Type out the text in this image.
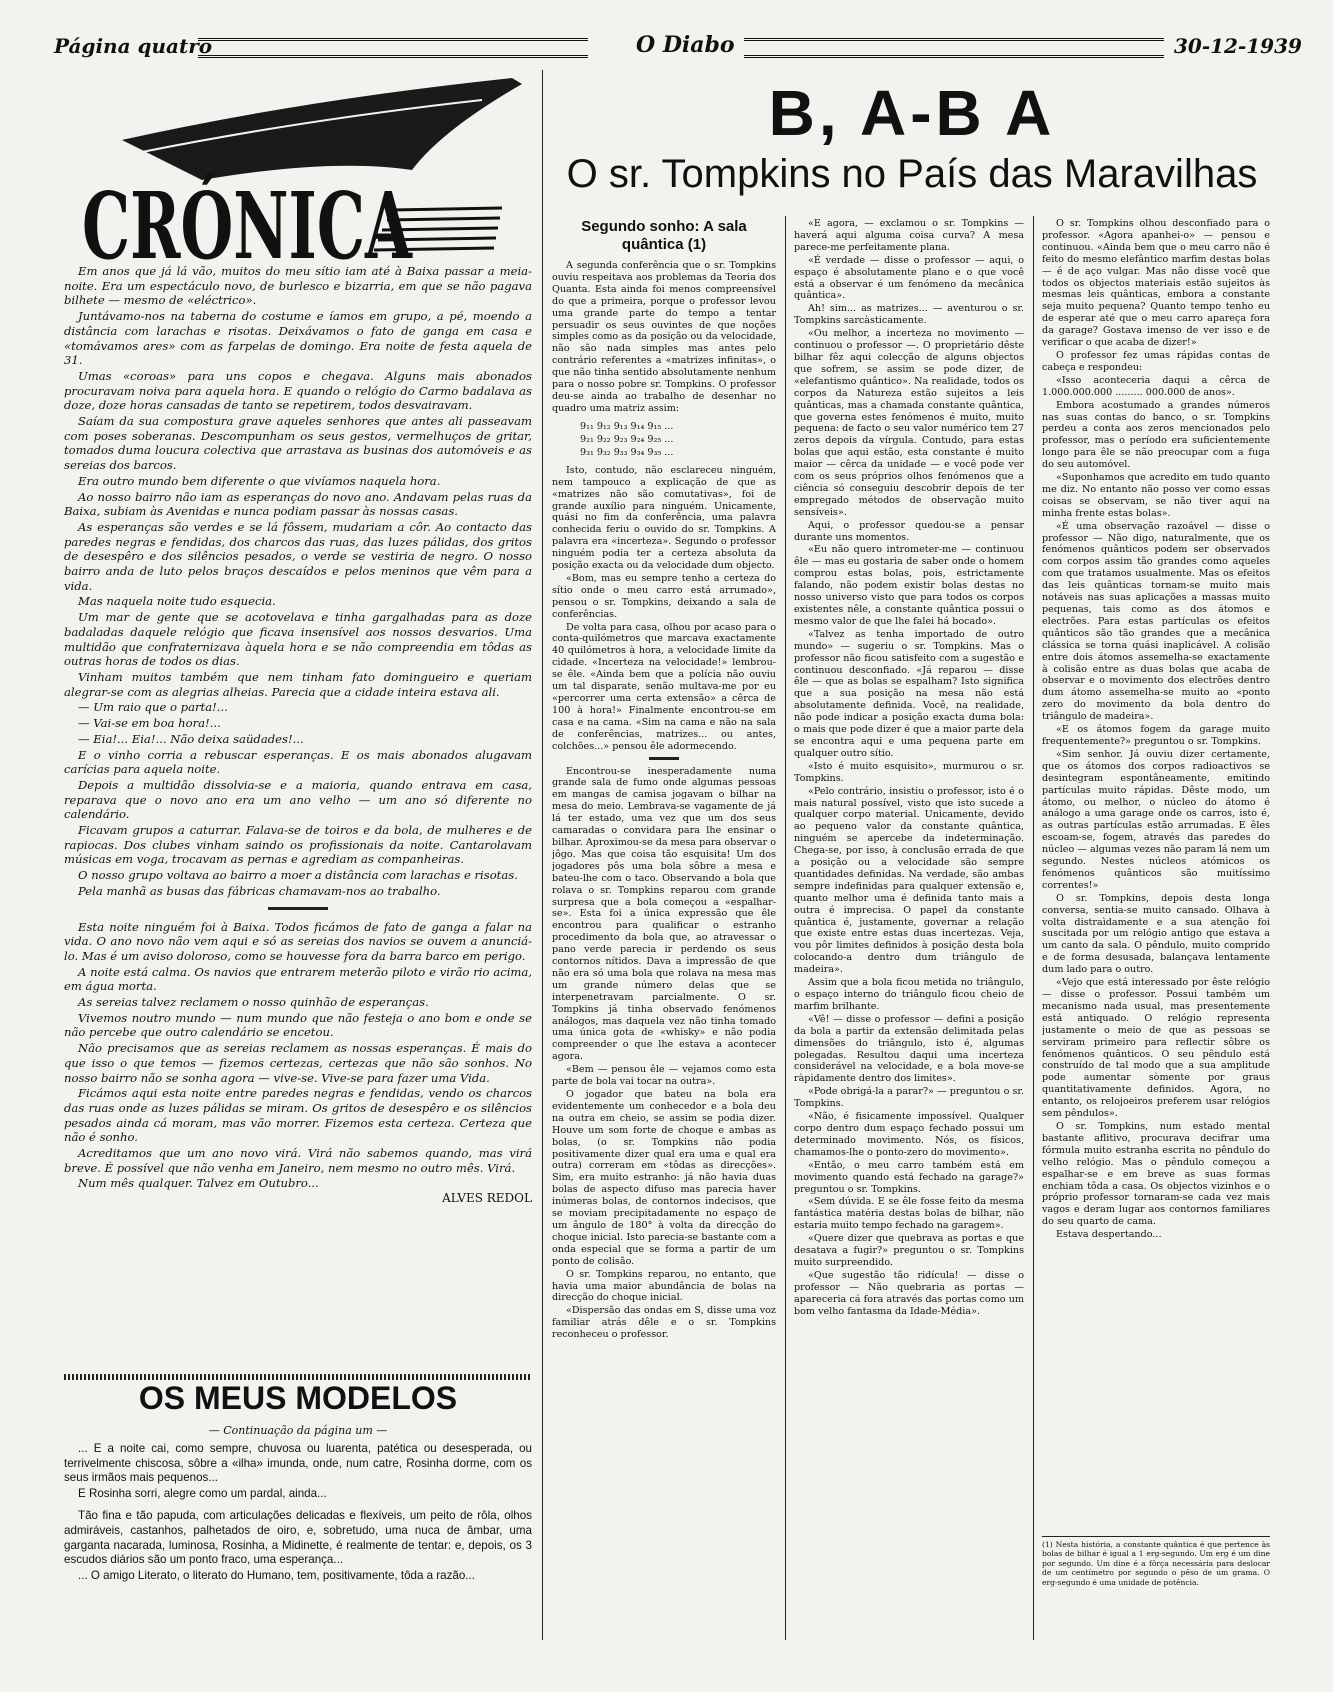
Página quatro	O Diabo	30-12-1939
CRÓNICA

Em anos que já lá vão, muitos do meu sítio iam até à Baixa passar a meia-noite. Era um espectáculo novo, de burlesco e bizarria, em que se não pagava bilhete — mesmo de «eléctrico».

Juntávamo-nos na taberna do costume e íamos em grupo, a pé, moendo a distância com larachas e risotas. Deixávamos o fato de ganga em casa e «tomávamos ares» com as farpelas de domingo. Era noite de festa aquela de 31.

Umas «coroas» para uns copos e chegava. Alguns mais abonados procuravam noiva para aquela hora. E quando o relógio do Carmo badalava as doze, doze horas cansadas de tanto se repetirem, todos desvairavam.

Saíam da sua compostura grave aqueles senhores que antes ali passeavam com poses soberanas. Descompunham os seus gestos, vermelhuços de gritar, tomados duma loucura colectiva que arrastava as businas dos automóveis e as sereias dos barcos.

Era outro mundo bem diferente o que vivíamos naquela hora.

Ao nosso bairro não iam as esperanças do novo ano. Andavam pelas ruas da Baixa, subiam às Avenidas e nunca podiam passar às nossas casas.

As esperanças são verdes e se lá fôssem, mudariam a côr. Ao contacto das paredes negras e fendidas, dos charcos das ruas, das luzes pálidas, dos gritos de desespêro e dos silêncios pesados, o verde se vestiria de negro. O nosso bairro anda de luto pelos braços descaídos e pelos meninos que vêm para a vida.

Mas naquela noite tudo esquecia.

Um mar de gente que se acotovelava e tinha gargalhadas para as doze badaladas daquele relógio que ficava insensível aos nossos desvarios. Uma multidão que confraternizava àquela hora e se não compreendia em tôdas as outras horas de todos os dias.

Vinham muitos também que nem tinham fato domingueiro e queriam alegrar-se com as alegrias alheias. Parecia que a cidade inteira estava ali.

— Um raio que o parta!...

— Vai-se em boa hora!...

— Eia!... Eia!... Não deixa saüdades!...

E o vinho corria a rebuscar esperanças. E os mais abonados alugavam carícias para aquela noite.

Depois a multidão dissolvia-se e a maioria, quando entrava em casa, reparava que o novo ano era um ano velho — um ano só diferente no calendário.

Ficavam grupos a caturrar. Falava-se de toiros e da bola, de mulheres e de rapiocas. Dos clubes vinham saindo os profissionais da noite. Cantarolavam músicas em voga, trocavam as pernas e agrediam as companheiras.

O nosso grupo voltava ao bairro a moer a distância com larachas e risotas.

Pela manhã as busas das fábricas chamavam-nos ao trabalho.

Esta noite ninguém foi à Baixa. Todos ficámos de fato de ganga a falar na vida. O ano novo não vem aqui e só as sereias dos navios se ouvem a anunciá-lo. Mas é um aviso doloroso, como se houvesse fora da barra barco em perigo.

A noite está calma. Os navios que entrarem meterão piloto e virão rio acima, em água morta.

As sereias talvez reclamem o nosso quinhão de esperanças.

Vivemos noutro mundo — num mundo que não festeja o ano bom e onde se não percebe que outro calendário se encetou.

Não precisamos que as sereias reclamem as nossas esperanças. É mais do que isso o que temos — fizemos certezas, certezas que não são sonhos. No nosso bairro não se sonha agora — vive-se. Vive-se para fazer uma Vida.

Ficámos aqui esta noite entre paredes negras e fendidas, vendo os charcos das ruas onde as luzes pálidas se miram. Os gritos de desespêro e os silêncios pesados ainda cá moram, mas vão morrer. Fizemos esta certeza. Certeza que não é sonho.

Acreditamos que um ano novo virá. Virá não sabemos quando, mas virá breve. É possível que não venha em Janeiro, nem mesmo no outro mês. Virá.

Num mês qualquer. Talvez em Outubro...

ALVES REDOL
OS MEUS MODELOS
— Continuação da página um —

... E a noite cai, como sempre, chuvosa ou luarenta, patética ou desesperada, ou terrivelmente chiscosa, sôbre a «ilha» imunda, onde, num catre, Rosinha dorme, com os seus irmãos mais pequenos...

E Rosinha sorri, alegre como um pardal, ainda...

Tão fina e tão papuda, com articulações delicadas e flexíveis, um peito de rôla, olhos admiráveis, castanhos, palhetados de oiro, e, sobretudo, uma nuca de âmbar, uma garganta nacarada, luminosa, Rosinha, a Midinette, é realmente de tentar: e, depois, os 3 escudos diários são um ponto fraco, uma esperança...

... O amigo Literato, o literato do Humano, tem, positivamente, tôda a razão...

B, A-B A
O sr. Tompkins no País das Maravilhas
Segundo sonho: A sala quântica (1)

A segunda conferência que o sr. Tompkins ouviu respeitava aos problemas da Teoria dos Quanta. Esta ainda foi menos compreensível do que a primeira, porque o professor levou uma grande parte do tempo a tentar persuadir os seus ouvintes de que noções simples como as da posição ou da velocidade, não são nada simples mas antes pelo contrário referentes a «matrizes infinitas», o que não tinha sentido absolutamente nenhum para o nosso pobre sr. Tompkins. O professor deu-se ainda ao trabalho de desenhar no quadro uma matriz assim:

9₁₁ 9₁₂ 9₁₃ 9₁₄ 9₁₅ ...
9₂₁ 9₂₂ 9₂₃ 9₂₄ 9₂₅ ...
9₃₁ 9₃₂ 9₃₃ 9₃₄ 9₃₅ ...

Isto, contudo, não esclareceu ninguém, nem tampouco a explicação de que as «matrizes não são comutativas», foi de grande auxílio para ninguém. Unicamente, quási no fim da conferência, uma palavra conhecida feriu o ouvido do sr. Tompkins. A palavra era «incerteza». Segundo o professor ninguém podia ter a certeza absoluta da posição exacta ou da velocidade dum objecto.

«Bom, mas eu sempre tenho a certeza do sítio onde o meu carro está arrumado», pensou o sr. Tompkins, deixando a sala de conferências.

De volta para casa, olhou por acaso para o conta-quilómetros que marcava exactamente 40 quilómetros à hora, a velocidade limite da cidade. «Incerteza na velocidade!» lembrou-se êle. «Ainda bem que a polícia não ouviu um tal disparate, senão multava-me por eu «percorrer uma certa extensão» a cêrca de 100 à hora!» Finalmente encontrou-se em casa e na cama. «Sim na cama e não na sala de conferências, matrizes... ou antes, colchões...» pensou êle adormecendo.

Encontrou-se inesperadamente numa grande sala de fumo onde algumas pessoas em mangas de camisa jogavam o bilhar na mesa do meio. Lembrava-se vagamente de já lá ter estado, uma vez que um dos seus camaradas o convidara para lhe ensinar o bilhar. Aproximou-se da mesa para observar o jôgo. Mas que coisa tão esquisita! Um dos jogadores pôs uma bola sôbre a mesa e bateu-lhe com o taco. Observando a bola que rolava o sr. Tompkins reparou com grande surpresa que a bola começou a «espalhar-se». Esta foi a única expressão que êle encontrou para qualificar o estranho procedimento da bola que, ao atravessar o pano verde parecia ir perdendo os seus contornos nítidos. Dava a impressão de que não era só uma bola que rolava na mesa mas um grande número delas que se interpenetravam parcialmente. O sr. Tompkins já tinha observado fenómenos análogos, mas daquela vez não tinha tomado uma única gota de «whisky» e não podia compreender o que lhe estava a acontecer agora.

«Bem — pensou êle — vejamos como esta parte de bola vai tocar na outra».

O jogador que bateu na bola era evidentemente um conhecedor e a bola deu na outra em cheio, se assim se podia dizer. Houve um som forte de choque e ambas as bolas, (o sr. Tompkins não podia positivamente dizer qual era uma e qual era outra) correram em «tôdas as direcções». Sim, era muito estranho: já não havia duas bolas de aspecto difuso mas parecia haver inúmeras bolas, de contornos indecisos, que se moviam precipitadamente no espaço de um ângulo de 180° à volta da direcção do choque inicial. Isto parecia-se bastante com a onda especial que se forma a partir de um ponto de colisão.

O sr. Tompkins reparou, no entanto, que havia uma maior abundância de bolas na direcção do choque inicial.

«Dispersão das ondas em S, disse uma voz familiar atrás dêle e o sr. Tompkins reconheceu o professor.

«E agora, — exclamou o sr. Tompkins — haverá aqui alguma coisa curva? A mesa parece-me perfeitamente plana.

«É verdade — disse o professor — aqui, o espaço é absolutamente plano e o que você está a observar é um fenómeno da mecânica quântica».

Ah! sim... as matrizes... — aventurou o sr. Tompkins sarcàsticamente.

«Ou melhor, a incerteza no movimento — continuou o professor —. O proprietário dêste bilhar fêz aqui colecção de alguns objectos que sofrem, se assim se pode dizer, de «elefantismo quântico». Na realidade, todos os corpos da Natureza estão sujeitos a leis quânticas, mas a chamada constante quântica, que governa estes fenómenos é muito, muito pequena: de facto o seu valor numérico tem 27 zeros depois da vírgula. Contudo, para estas bolas que aqui estão, esta constante é muito maior — cêrca da unidade — e você pode ver com os seus próprios olhos fenómenos que a ciência só conseguiu descobrir depois de ter empregado métodos de observação muito sensíveis».

Aqui, o professor quedou-se a pensar durante uns momentos.

«Eu não quero intrometer-me — continuou êle — mas eu gostaria de saber onde o homem comprou estas bolas, pois, estrictamente falando, não podem existir bolas destas no nosso universo visto que para todos os corpos existentes nêle, a constante quântica possui o mesmo valor de que lhe falei há bocado».

«Talvez as tenha importado de outro mundo» — sugeriu o sr. Tompkins. Mas o professor não ficou satisfeito com a sugestão e continuou desconfiado. «Já reparou — disse êle — que as bolas se espalham? Isto significa que a sua posição na mesa não está absolutamente definida. Você, na realidade, não pode indicar a posição exacta duma bola: o mais que pode dizer é que a maior parte dela se encontra aqui e uma pequena parte em qualquer outro sítio.

«Isto é muito esquisito», murmurou o sr. Tompkins.

«Pelo contrário, insistiu o professor, isto é o mais natural possível, visto que isto sucede a qualquer corpo material. Unicamente, devido ao pequeno valor da constante quântica, ninguém se apercebe da indeterminação. Chega-se, por isso, à conclusão errada de que a posição ou a velocidade são sempre quantidades definidas. Na verdade, são ambas sempre indefinidas para qualquer extensão e, quanto melhor uma é definida tanto mais a outra é imprecisa. O papel da constante quântica é, justamente, governar a relação que existe entre estas duas incertezas. Veja, vou pôr limites definidos à posição desta bola colocando-a dentro dum triângulo de madeira».

Assim que a bola ficou metida no triângulo, o espaço interno do triângulo ficou cheio de marfim brilhante.

«Vê! — disse o professor — defini a posição da bola a partir da extensão delimitada pelas dimensões do triângulo, isto é, algumas polegadas. Resultou daqui uma incerteza considerável na velocidade, e a bola move-se ràpidamente dentro dos limites».

«Pode obrigá-la a parar?» — preguntou o sr. Tompkins.

«Não, é fisicamente impossível. Qualquer corpo dentro dum espaço fechado possui um determinado movimento. Nós, os físicos, chamamos-lhe o ponto-zero do movimento».

«Então, o meu carro também está em movimento quando está fechado na garage?» preguntou o sr. Tompkins.

«Sem dúvida. E se êle fosse feito da mesma fantástica matéria destas bolas de bilhar, não estaria muito tempo fechado na garagem».

«Quere dizer que quebrava as portas e que desatava a fugir?» preguntou o sr. Tompkins muito surpreendido.

«Que sugestão tão ridícula! — disse o professor — Não quebraria as portas — apareceria cá fora através das portas como um bom velho fantasma da Idade-Média».

O sr. Tompkins olhou desconfiado para o professor. «Agora apanhei-o» — pensou e continuou. «Ainda bem que o meu carro não é feito do mesmo elefântico marfim destas bolas — é de aço vulgar. Mas não disse você que todos os objectos materiais estão sujeitos às mesmas leis quânticas, embora a constante seja muito pequena? Quanto tempo tenho eu de esperar até que o meu carro apareça fora da garage? Gostava imenso de ver isso e de verificar o que acaba de dizer!»

O professor fez umas rápidas contas de cabeça e respondeu:

«Isso aconteceria daqui a cêrca de 1.000.000.000 ......... 000.000 de anos».

Embora acostumado a grandes números nas suas contas do banco, o sr. Tompkins perdeu a conta aos zeros mencionados pelo professor, mas o período era suficientemente longo para êle se não preocupar com a fuga do seu automóvel.

«Suponhamos que acredito em tudo quanto me diz. No entanto não posso ver como essas coisas se observam, se não tiver aqui na minha frente estas bolas».

«É uma observação razoável — disse o professor — Não digo, naturalmente, que os fenómenos quânticos podem ser observados com corpos assim tão grandes como aqueles com que tratamos usualmente. Mas os efeitos das leis quânticas tornam-se muito mais notáveis nas suas aplicações a massas muito pequenas, tais como as dos átomos e electrões. Para estas partículas os efeitos quânticos são tão grandes que a mecânica clássica se torna quási inaplicável. A colisão entre dois átomos assemelha-se exactamente à colisão entre as duas bolas que acaba de observar e o movimento dos electrões dentro dum átomo assemelha-se muito ao «ponto zero do movimento da bola dentro do triângulo de madeira».

«E os átomos fogem da garage muito frequentemente?» preguntou o sr. Tompkins.

«Sim senhor. Já ouviu dizer certamente, que os átomos dos corpos radioactivos se desintegram espontâneamente, emitindo partículas muito rápidas. Dêste modo, um átomo, ou melhor, o núcleo do átomo é análogo a uma garage onde os carros, isto é, as outras partículas estão arrumadas. E êles escoam-se, fogem, através das paredes do núcleo — algumas vezes não param lá nem um segundo. Nestes núcleos atómicos os fenómenos quânticos são muitíssimo correntes!»

O sr. Tompkins, depois desta longa conversa, sentia-se muito cansado. Olhava à volta distraìdamente e a sua atenção foi suscitada por um relógio antigo que estava a um canto da sala. O pêndulo, muito comprido e de forma desusada, balançava lentamente dum lado para o outro.

«Vejo que está interessado por êste relógio — disse o professor. Possui também um mecanismo nada usual, mas presentemente está antiquado. O relógio representa justamente o meio de que as pessoas se serviram primeiro para reflectir sôbre os fenómenos quânticos. O seu pêndulo está construído de tal modo que a sua amplitude pode aumentar sòmente por graus quantitativamente definidos. Agora, no entanto, os relojoeiros preferem usar relógios sem pêndulos».

O sr. Tompkins, num estado mental bastante aflitivo, procurava decifrar uma fórmula muito estranha escrita no pêndulo do velho relógio. Mas o pêndulo começou a espalhar-se e em breve as suas formas enchiam tôda a casa. Os objectos vizinhos e o próprio professor tornaram-se cada vez mais vagos e deram lugar aos contornos familiares do seu quarto de cama.

Estava despertando...

(1) Nesta história, a constante quântica é que pertence às bolas de bilhar é igual a 1 erg-segundo. Um erg é um dine por segundo. Um dine é a fôrça necessária para deslocar de um centímetro por segundo o pêso de um grama. O erg-segundo é uma unidade de potência.
